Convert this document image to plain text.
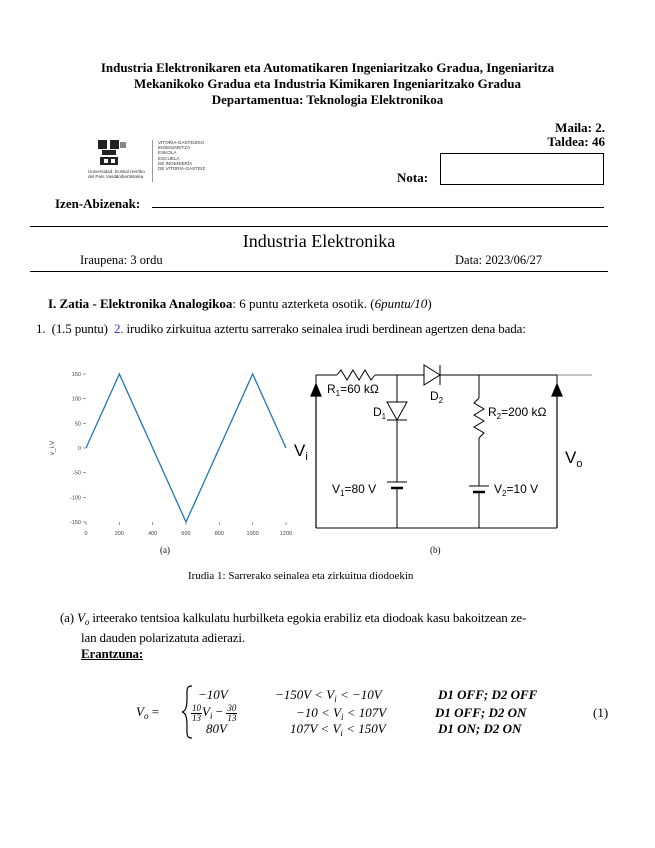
Industria Elektronikaren eta Automatikaren Ingeniaritzako Gradua, Ingeniaritza
Mekanikoko Gradua eta Industria Kimikaren Ingeniaritzako Gradua
Departamentua: Teknologia Elektronikoa
Universidad
del País Vasco
Euskal Herriko
Unibertsitatea
VITORIA-GASTEIZKO
INGENIARITZA
ESKOLA
ESCUELA
DE INGENIERÍA
DE VITORIA-GASTEIZ
Maila: 2.
Taldea: 46
Nota:
Izen-Abizenak:
Industria Elektronika
Iraupena: 3 ordu	Data: 2023/06/27
I. Zatia - Elektronika Analogikoa: 6 puntu azterketa osotik. (6puntu/10)
1. (1.5 puntu) 2. irudiko zirkuitua aztertu sarrerako seinalea irudi berdinean agertzen dena bada:
0	200	400	600	800	1000	1200
-150
-100
-50
0
50
100
150
v_i,V
(a)
$R_1=60$ kΩ	$D_2$
$D_1$	$R_2=200$ kΩ
$V_1=80$ V	$V_2=10$ V
$V_i$	$V_o$
(b)
Irudia 1: Sarrerako seinalea eta zirkuitua diodoekin
(a) $V_o$ irteerako tentsioa kalkulatu hurbilketa egokia erabiliz eta diodoak kasu bakoitzean ze-
lan dauden polarizatuta adierazi.
Erantzuna:
$V_o$ =
−10V	$-150V < V_i < -10V$	D1 OFF; D2 OFF
$\frac{10}{13} V_i - \frac{30}{13}$	$-10 < V_i < 107V$	D1 OFF; D2 ON	(1)
80V	$107V < V_i < 150V$	D1 ON; D2 ON
